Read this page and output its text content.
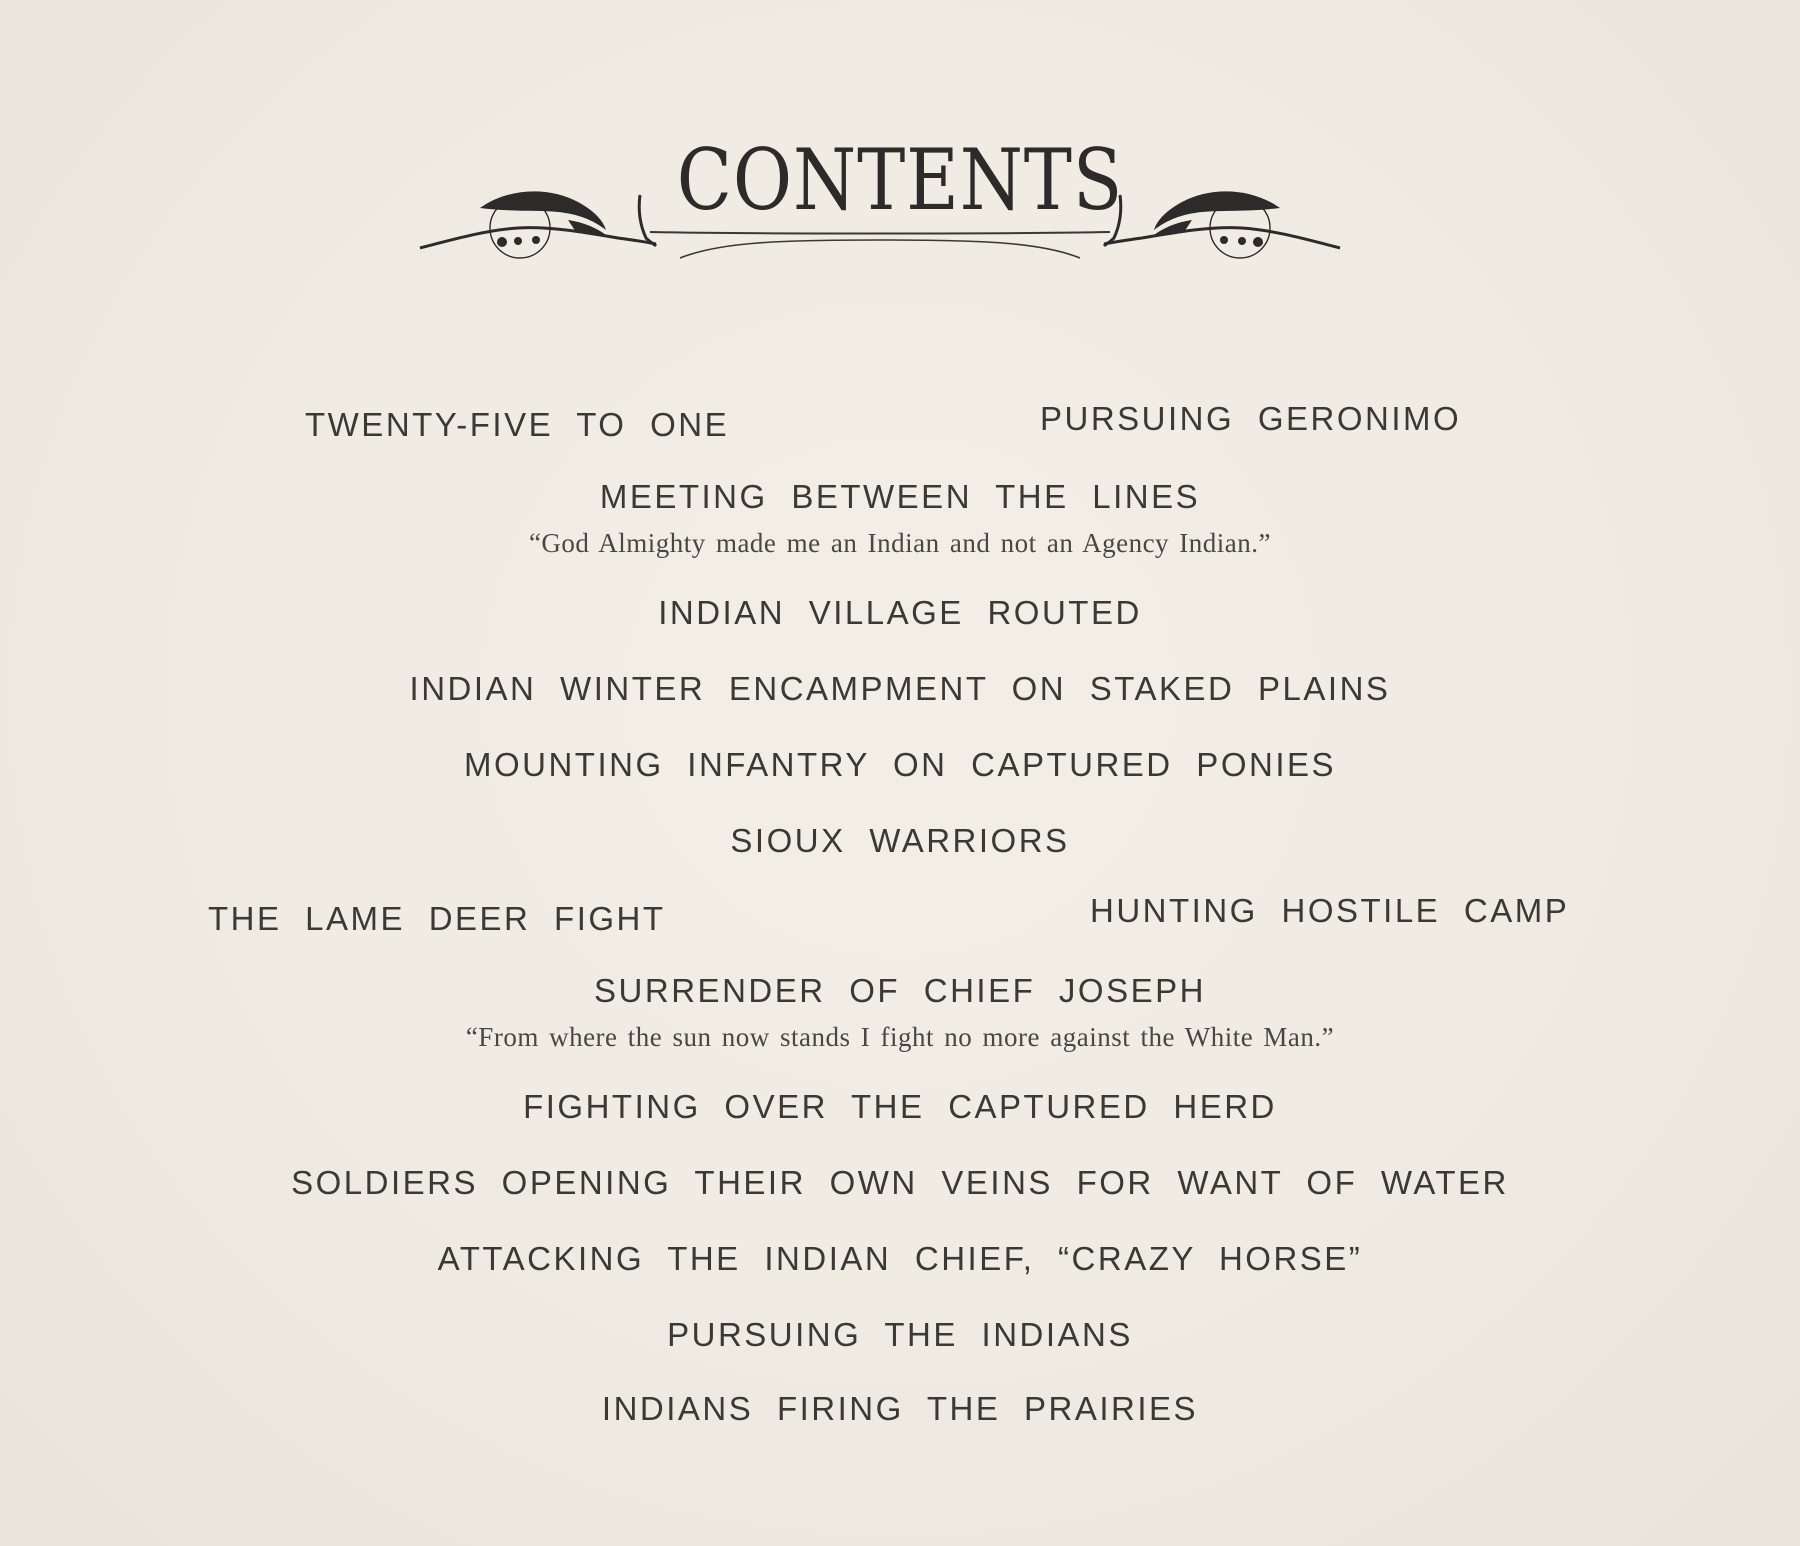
CONTENTS
TWENTY-FIVE TO ONE	PURSUING GERONIMO
MEETING BETWEEN THE LINES
“God Almighty made me an Indian and not an Agency Indian.”
INDIAN VILLAGE ROUTED
INDIAN WINTER ENCAMPMENT ON STAKED PLAINS
MOUNTING INFANTRY ON CAPTURED PONIES
SIOUX WARRIORS
THE LAME DEER FIGHT	HUNTING HOSTILE CAMP
SURRENDER OF CHIEF JOSEPH
“From where the sun now stands I fight no more against the White Man.”
FIGHTING OVER THE CAPTURED HERD
SOLDIERS OPENING THEIR OWN VEINS FOR WANT OF WATER
ATTACKING THE INDIAN CHIEF, “CRAZY HORSE”
PURSUING THE INDIANS
INDIANS FIRING THE PRAIRIES
